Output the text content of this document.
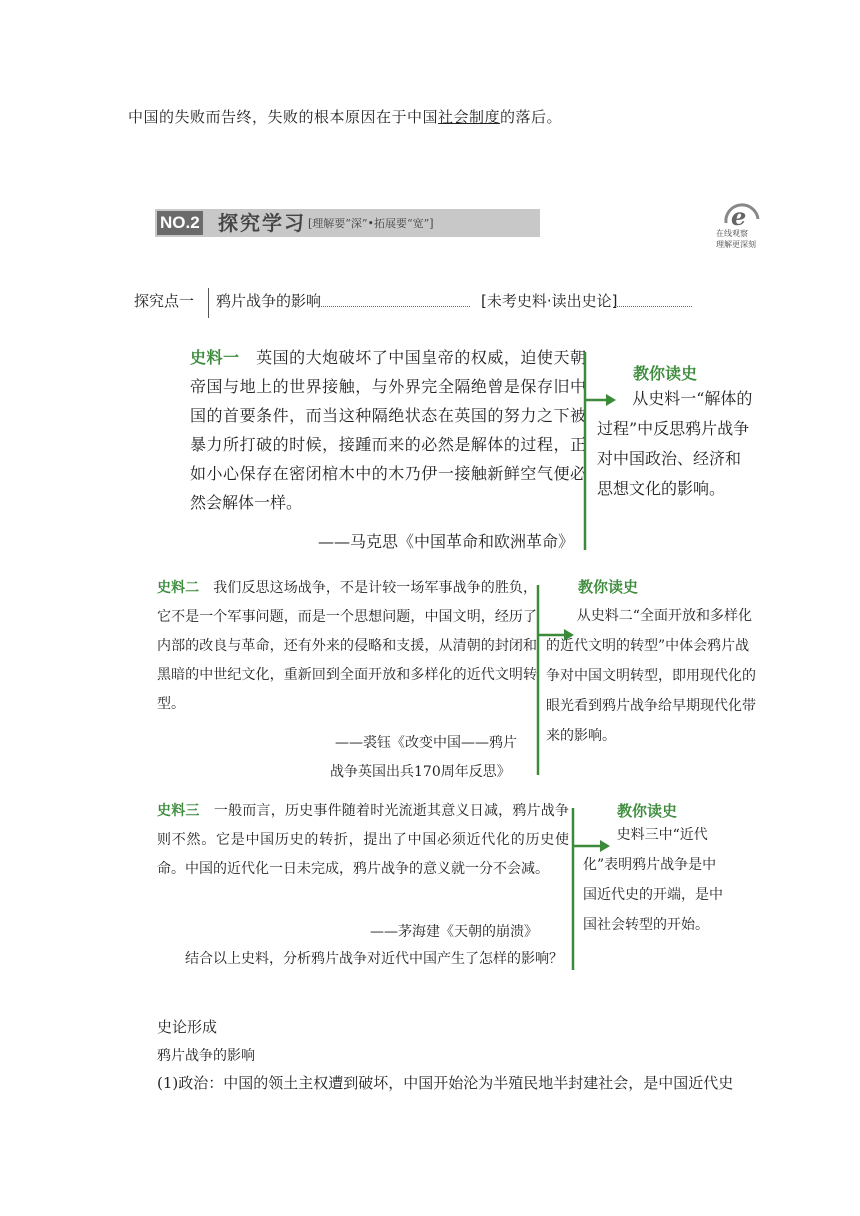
中国的失败而告终，失败的根本原因在于中国社会制度的落后。
NO.2 探究学习 [理解要“深”•拓展要“宽”]	e
在线观察
理解更深刻
探究点一 鸦片战争的影响	[未考史料·读出史论]
史料一　英国的大炮破坏了中国皇帝的权威，迫使天朝帝国与地上的世界接触，与外界完全隔绝曾是保存旧中国的首要条件，而当这种隔绝状态在英国的努力之下被暴力所打破的时候，接踵而来的必然是解体的过程，正如小心保存在密闭棺木中的木乃伊一接触新鲜空气便必然会解体一样。
——马克思《中国革命和欧洲革命》
史料二　我们反思这场战争，不是计较一场军事战争的胜负，它不是一个军事问题，而是一个思想问题，中国文明，经历了内部的改良与革命，还有外来的侵略和支援，从清朝的封闭和黑暗的中世纪文化，重新回到全面开放和多样化的近代文明转型。
——裘钰《改变中国——鸦片
战争英国出兵170周年反思》
史料三　一般而言，历史事件随着时光流逝其意义日减，鸦片战争则不然。它是中国历史的转折，提出了中国必须近代化的历史使命。中国的近代化一日未完成，鸦片战争的意义就一分不会减。
——茅海建《天朝的崩溃》
结合以上史料，分析鸦片战争对近代中国产生了怎样的影响？
教你读史
从史料一“解体的过程”中反思鸦片战争对中国政治、经济和思想文化的影响。
教你读史
从史料二“全面开放和多样化的近代文明的转型”中体会鸦片战争对中国文明转型，即用现代化的眼光看到鸦片战争给早期现代化带来的影响。
教你读史
史料三中“近代化”表明鸦片战争是中国近代史的开端，是中国社会转型的开始。
史论形成
鸦片战争的影响
(1)政治：中国的领土主权遭到破坏，中国开始沦为半殖民地半封建社会，是中国近代史
